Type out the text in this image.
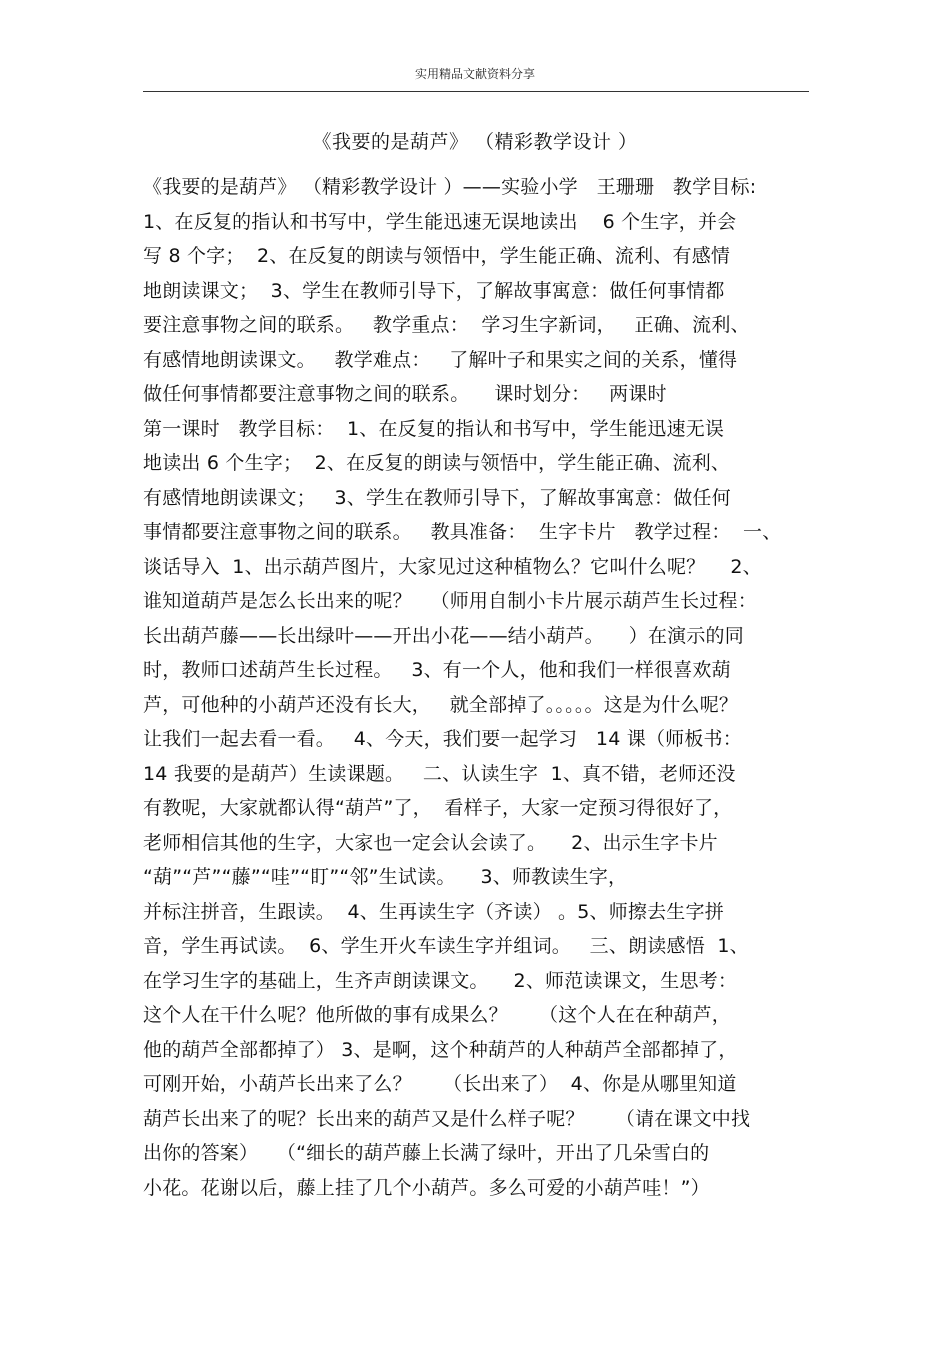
实用精品文献资料分享
《我要的是葫芦》 （精彩教学设计 ）
《我要的是葫芦》 （精彩教学设计 ）——实验小学   王珊珊   教学目标:
1、在反复的指认和书写中，学生能迅速无误地读出    6 个生字，并会
写 8 个字；  2、在反复的朗读与领悟中，学生能正确、流利、有感情
地朗读课文；  3、学生在教师引导下，了解故事寓意：做任何事情都
要注意事物之间的联系。   教学重点：  学习生字新词，   正确、流利、
有感情地朗读课文。   教学难点：   了解叶子和果实之间的关系，懂得
做任何事情都要注意事物之间的联系。    课时划分：   两课时
第一课时   教学目标：  1、在反复的指认和书写中，学生能迅速无误
地读出 6 个生字；  2、在反复的朗读与领悟中，学生能正确、流利、
有感情地朗读课文；   3、学生在教师引导下，了解故事寓意：做任何
事情都要注意事物之间的联系。   教具准备：  生字卡片   教学过程：  一、
谈话导入  1、出示葫芦图片，大家见过这种植物么？它叫什么呢？    2、
谁知道葫芦是怎么长出来的呢？   （师用自制小卡片展示葫芦生长过程：
长出葫芦藤——长出绿叶——开出小花——结小葫芦。    ）在演示的同
时，教师口述葫芦生长过程。   3、有一个人，他和我们一样很喜欢葫
芦，可他种的小葫芦还没有长大，   就全部掉了。。。。。这是为什么呢？
让我们一起去看一看。   4、今天，我们要一起学习   14 课（师板书：
14 我要的是葫芦）生读课题。   二、认读生字  1、真不错，老师还没
有教呢，大家就都认得“葫芦”了，  看样子，大家一定预习得很好了，
老师相信其他的生字，大家也一定会认会读了。    2、出示生字卡片
“葫”“芦”“藤”“哇”“盯”“邻”生试读。    3、师教读生字，
并标注拼音，生跟读。  4、生再读生字（齐读） 。5、师擦去生字拼
音，学生再试读。  6、学生开火车读生字并组词。   三、朗读感悟  1、
在学习生字的基础上，生齐声朗读课文。    2、师范读课文，生思考：
这个人在干什么呢？他所做的事有成果么？     （这个人在在种葫芦，
他的葫芦全部都掉了） 3、是啊，这个种葫芦的人种葫芦全部都掉了，
可刚开始，小葫芦长出来了么？     （长出来了）  4、你是从哪里知道
葫芦长出来了的呢？长出来的葫芦又是什么样子呢？     （请在课文中找
出你的答案）   （“细长的葫芦藤上长满了绿叶，开出了几朵雪白的
小花。花谢以后，藤上挂了几个小葫芦。多么可爱的小葫芦哇！”）
